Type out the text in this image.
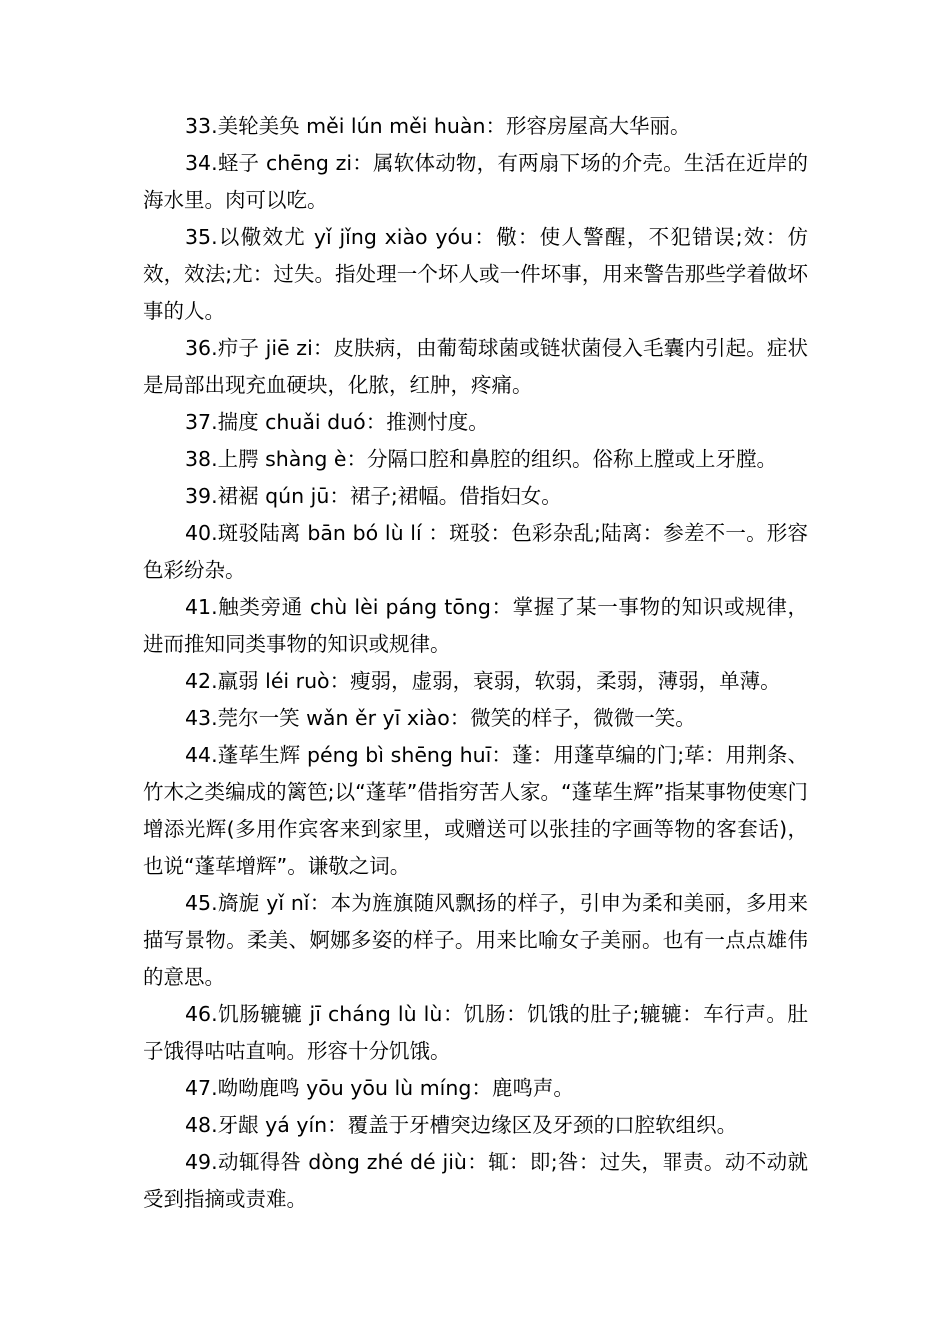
33.美轮美奂 měi lún měi huàn：形容房屋高大华丽。

34.蛏子 chēng zi：属软体动物，有两扇下场的介壳。生活在近岸的海水里。肉可以吃。

35.以儆效尤 yǐ jǐng xiào yóu：儆：使人警醒，不犯错误;效：仿效，效法;尤：过失。指处理一个坏人或一件坏事，用来警告那些学着做坏事的人。

36.疖子 jiē zi：皮肤病，由葡萄球菌或链状菌侵入毛囊内引起。症状是局部出现充血硬块，化脓，红肿，疼痛。

37.揣度 chuǎi duó：推测忖度。

38.上腭 shàng è：分隔口腔和鼻腔的组织。俗称上膛或上牙膛。

39.裙裾 qún jū：裙子;裙幅。借指妇女。

40.斑驳陆离 bān bó lù lí ：斑驳：色彩杂乱;陆离：参差不一。形容色彩纷杂。

41.触类旁通 chù lèi páng tōng：掌握了某一事物的知识或规律，进而推知同类事物的知识或规律。

42.羸弱 léi ruò：瘦弱，虚弱，衰弱，软弱，柔弱，薄弱，单薄。

43.莞尔一笑 wǎn ěr yī xiào：微笑的样子，微微一笑。

44.蓬荜生辉 péng bì shēng huī：蓬：用蓬草编的门;荜：用荆条、竹木之类编成的篱笆;以“蓬荜”借指穷苦人家。“蓬荜生辉”指某事物使寒门增添光辉(多用作宾客来到家里，或赠送可以张挂的字画等物的客套话)，也说“蓬荜增辉”。谦敬之词。

45.旖旎 yǐ nǐ：本为旌旗随风飘扬的样子，引申为柔和美丽，多用来描写景物。柔美、婀娜多姿的样子。用来比喻女子美丽。也有一点点雄伟的意思。

46.饥肠辘辘 jī cháng lù lù：饥肠：饥饿的肚子;辘辘：车行声。肚子饿得咕咕直响。形容十分饥饿。

47.呦呦鹿鸣 yōu yōu lù míng：鹿鸣声。

48.牙龈 yá yín：覆盖于牙槽突边缘区及牙颈的口腔软组织。

49.动辄得咎 dòng zhé dé jiù：辄：即;咎：过失，罪责。动不动就受到指摘或责难。
